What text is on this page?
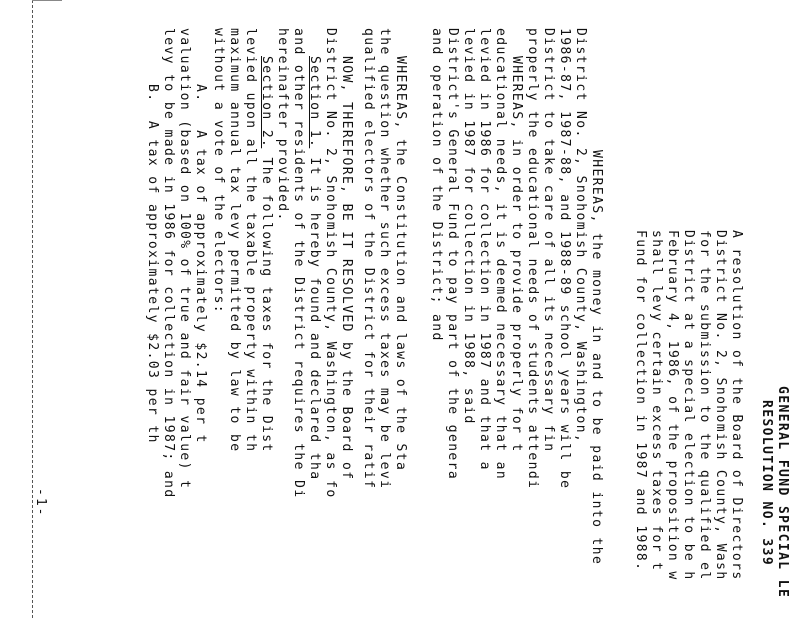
GENERAL FUND SPECIAL LE
RESOLUTION NO. 339
A resolution of the Board of Directors
District No. 2, Snohomish County, Wash
for the submission to the qualified el
District at a special election to be h
February 4, 1986, of the proposition w
shall levy certain excess taxes for t
Fund for collection in 1987 and 1988.
WHEREAS, the money in and to be paid into the
District No. 2, Snohomish County, Washington,
1986-87, 1987-88, and 1988-89 school years will be
District to take care of all its necessary fin
properly the educational needs of students attendi
WHEREAS, in order to provide properly for t
educational needs, it is deemed necessary that an
levied in 1986 for collection in 1987 and that a
levied in 1987 for collection in 1988, said
District's General Fund to pay part of the genera
and operation of the District; and
WHEREAS, the Constitution and laws of the Sta
the question whether such excess taxes may be levi
qualified electors of the District for their ratif
NOW, THEREFORE, BE IT RESOLVED by the Board of
District No. 2, Snohomish County, Washington, as fo
Section 1. It is hereby found and declared tha
and other residents of the District requires the Di
hereinafter provided.
Section 2. The following taxes for the Dist
levied upon all the taxable property within th
maximum annual tax levy permitted by law to be
without a vote of the electors:
A.   A tax of approximately $2.14 per t
valuation (based on 100% of true and fair value) t
levy to be made in 1986 for collection in 1987; and
B.  A tax of approximately $2.03 per th
-1-
